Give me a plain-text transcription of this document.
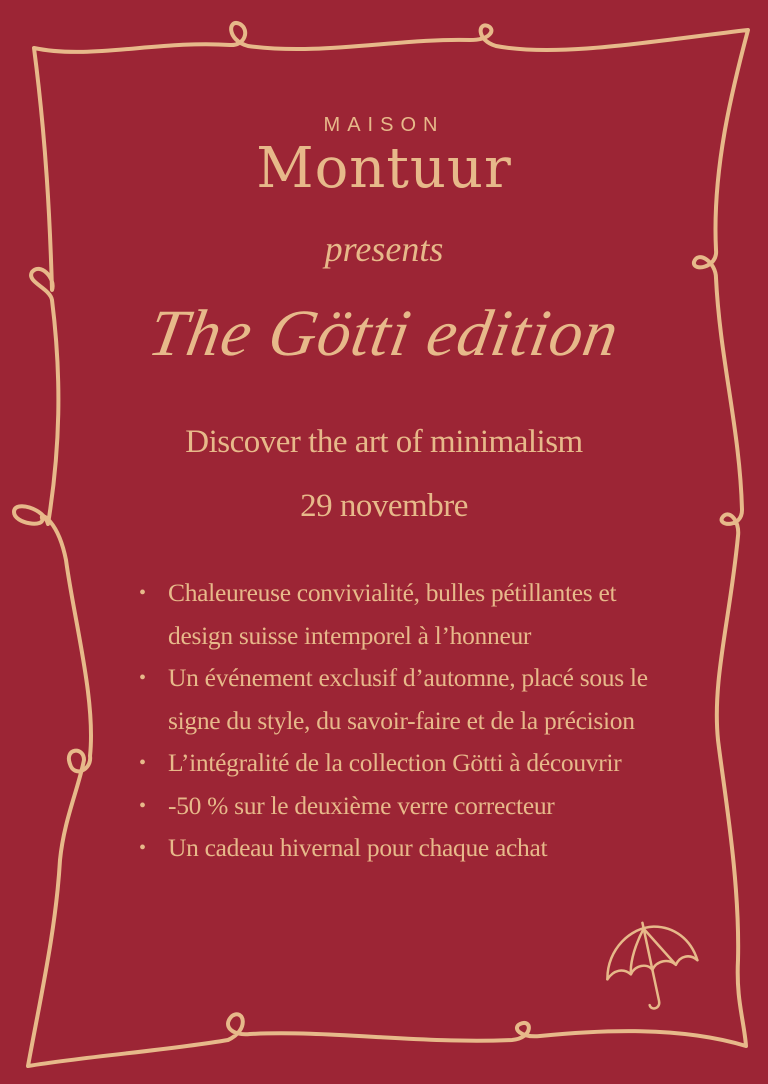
MAISON
Montuur
presents
The Götti edition
Discover the art of minimalism
29 novembre
• Chaleureuse convivialité, bulles pétillantes et design suisse intemporel à l’honneur
• Un événement exclusif d’automne, placé sous le signe du style, du savoir-faire et de la précision
• L’intégralité de la collection Götti à découvrir
• -50 % sur le deuxième verre correcteur
• Un cadeau hivernal pour chaque achat
